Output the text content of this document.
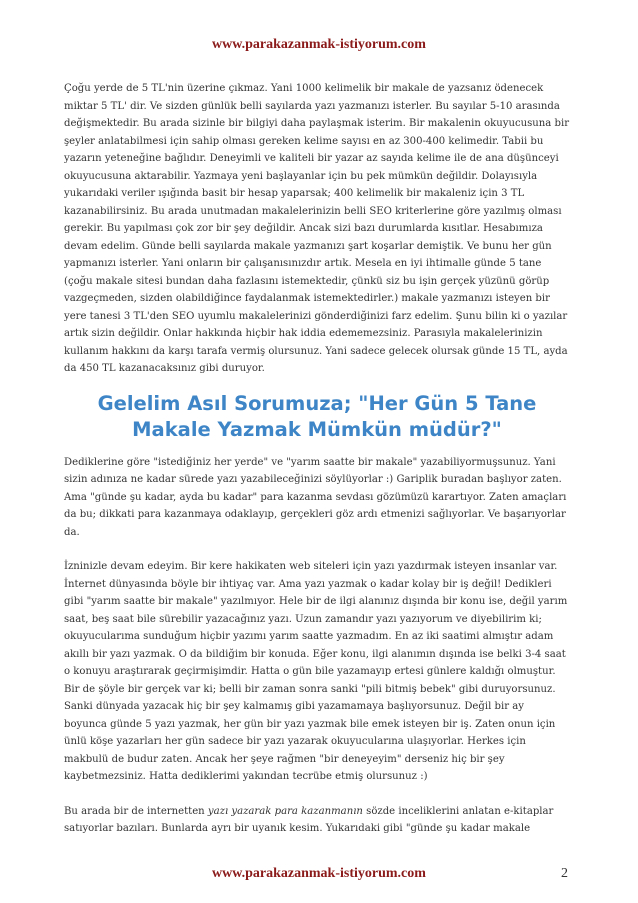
www.parakazanmak-istiyorum.com

Çoğu yerde de 5 TL'nin üzerine çıkmaz. Yani 1000 kelimelik bir makale de yazsanız ödenecek miktar 5 TL' dir. Ve sizden günlük belli sayılarda yazı yazmanızı isterler. Bu sayılar 5-10 arasında değişmektedir. Bu arada sizinle bir bilgiyi daha paylaşmak isterim. Bir makalenin okuyucusuna bir şeyler anlatabilmesi için sahip olması gereken kelime sayısı en az 300-400 kelimedir. Tabii bu yazarın yeteneğine bağlıdır. Deneyimli ve kaliteli bir yazar az sayıda kelime ile de ana düşünceyi okuyucusuna aktarabilir. Yazmaya yeni başlayanlar için bu pek mümkün değildir. Dolayısıyla yukarıdaki veriler ışığında basit bir hesap yaparsak; 400 kelimelik bir makaleniz için 3 TL kazanabilirsiniz. Bu arada unutmadan makalelerinizin belli SEO kriterlerine göre yazılmış olması gerekir. Bu yapılması çok zor bir şey değildir. Ancak sizi bazı durumlarda kısıtlar. Hesabımıza devam edelim. Günde belli sayılarda makale yazmanızı şart koşarlar demiştik. Ve bunu her gün yapmanızı isterler. Yani onların bir çalışanısınızdır artık. Mesela en iyi ihtimalle günde 5 tane (çoğu makale sitesi bundan daha fazlasını istemektedir, çünkü siz bu işin gerçek yüzünü görüp vazgeçmeden, sizden olabildiğince faydalanmak istemektedirler.) makale yazmanızı isteyen bir yere tanesi 3 TL'den SEO uyumlu makalelerinizi gönderdiğinizi farz edelim. Şunu bilin ki o yazılar artık sizin değildir. Onlar hakkında hiçbir hak iddia edememezsiniz. Parasıyla makalelerinizin kullanım hakkını da karşı tarafa vermiş olursunuz. Yani sadece gelecek olursak günde 15 TL, ayda da 450 TL kazanacaksınız gibi duruyor.

Gelelim Asıl Sorumuza; "Her Gün 5 Tane Makale Yazmak Mümkün müdür?"

Dediklerine göre "istediğiniz her yerde" ve "yarım saatte bir makale" yazabiliyormuşsunuz. Yani sizin adınıza ne kadar sürede yazı yazabileceğinizi söylüyorlar :) Gariplik buradan başlıyor zaten. Ama "günde şu kadar, ayda bu kadar" para kazanma sevdası gözümüzü karartıyor. Zaten amaçları da bu; dikkati para kazanmaya odaklayıp, gerçekleri göz ardı etmenizi sağlıyorlar. Ve başarıyorlar da.

İzninizle devam edeyim. Bir kere hakikaten web siteleri için yazı yazdırmak isteyen insanlar var. İnternet dünyasında böyle bir ihtiyaç var. Ama yazı yazmak o kadar kolay bir iş değil! Dedikleri gibi "yarım saatte bir makale" yazılmıyor. Hele bir de ilgi alanınız dışında bir konu ise, değil yarım saat, beş saat bile sürebilir yazacağınız yazı. Uzun zamandır yazı yazıyorum ve diyebilirim ki; okuyucularıma sunduğum hiçbir yazımı yarım saatte yazmadım. En az iki saatimi almıştır adam akıllı bir yazı yazmak. O da bildiğim bir konuda. Eğer konu, ilgi alanımın dışında ise belki 3-4 saat o konuyu araştırarak geçirmişimdir. Hatta o gün bile yazamayıp ertesi günlere kaldığı olmuştur. Bir de şöyle bir gerçek var ki; belli bir zaman sonra sanki "pili bitmiş bebek" gibi duruyorsunuz. Sanki dünyada yazacak hiç bir şey kalmamış gibi yazamamaya başlıyorsunuz. Değil bir ay boyunca günde 5 yazı yazmak, her gün bir yazı yazmak bile emek isteyen bir iş. Zaten onun için ünlü köşe yazarları her gün sadece bir yazı yazarak okuyucularına ulaşıyorlar. Herkes için makbulü de budur zaten. Ancak her şeye rağmen "bir deneyeyim" derseniz hiç bir şey kaybetmezsiniz. Hatta dediklerimi yakından tecrübe etmiş olursunuz :)

Bu arada bir de internetten yazı yazarak para kazanmanın sözde inceliklerini anlatan e-kitaplar satıyorlar bazıları. Bunlarda ayrı bir uyanık kesim. Yukarıdaki gibi "günde şu kadar makale

www.parakazanmak-istiyorum.com	2
